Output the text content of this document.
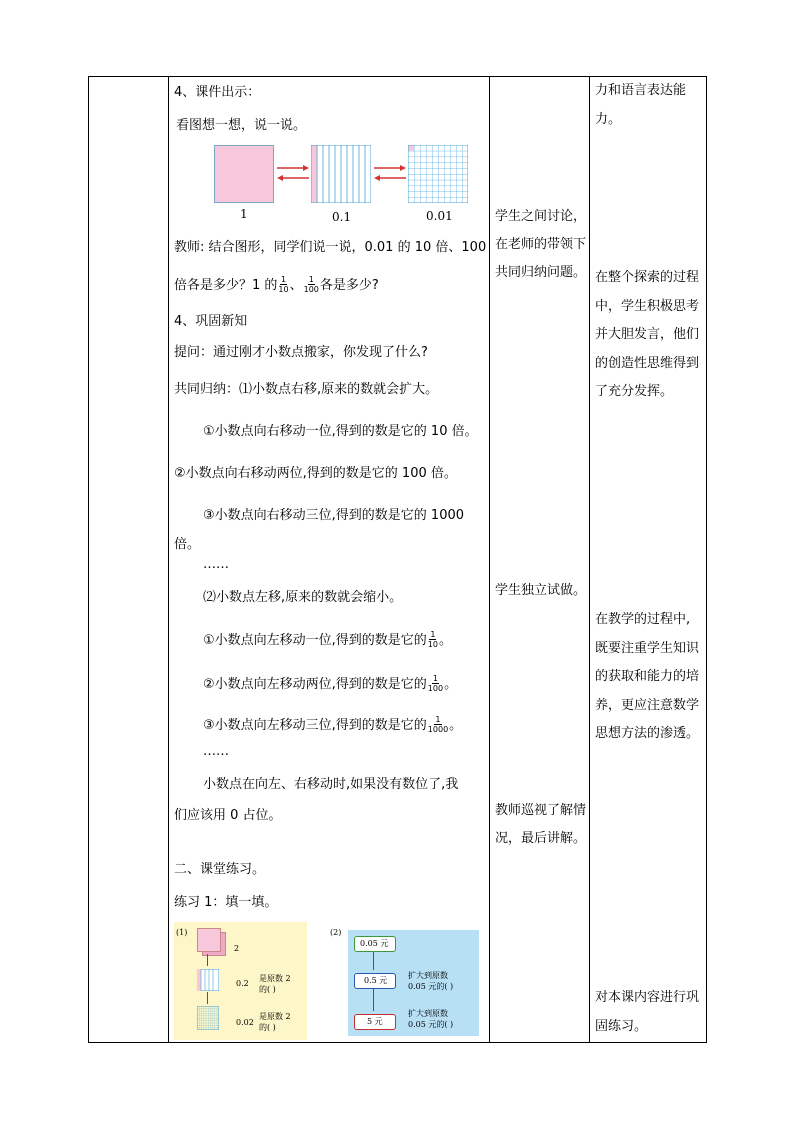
4、课件出示：
看图想一想，说一说。
1	0.1	0.01
教师: 结合图形，同学们说一说，0.01 的 10 倍、100
倍各是多少？1 的 $\frac{1}{10}$ 、 $\frac{1}{100}$ 各是多少?
4、巩固新知
提问：通过刚才小数点搬家，你发现了什么?
共同归纳：⑴小数点右移,原来的数就会扩大。
①小数点向右移动一位,得到的数是它的 10 倍。
②小数点向右移动两位,得到的数是它的 100 倍。
③小数点向右移动三位,得到的数是它的 1000
倍。
……
⑵小数点左移,原来的数就会缩小。
①小数点向左移动一位,得到的数是它的 $\frac{1}{10}$ 。
②小数点向左移动两位,得到的数是它的 $\frac{1}{100}$ 。
③小数点向左移动三位,得到的数是它的 $\frac{1}{1000}$ 。
……
小数点在向左、右移动时,如果没有数位了,我
们应该用 0 占位。
二、课堂练习。
练习 1：填一填。
(1)
2
0.2
是原数 2
的( )
0.02
是原数 2
的( )
(2)
0.05 元
0.5 元
扩大到原数
0.05 元的( )
5 元
扩大到原数
0.05 元的( )
学生之间讨论，在老师的带领下共同归纳问题。
学生独立试做。
教师巡视了解情况，最后讲解。
力和语言表达能力。
在整个探索的过程中，学生积极思考并大胆发言，他们的创造性思维得到了充分发挥。
在教学的过程中,既要注重学生知识的获取和能力的培养，更应注意数学思想方法的渗透。
对本课内容进行巩固练习。
